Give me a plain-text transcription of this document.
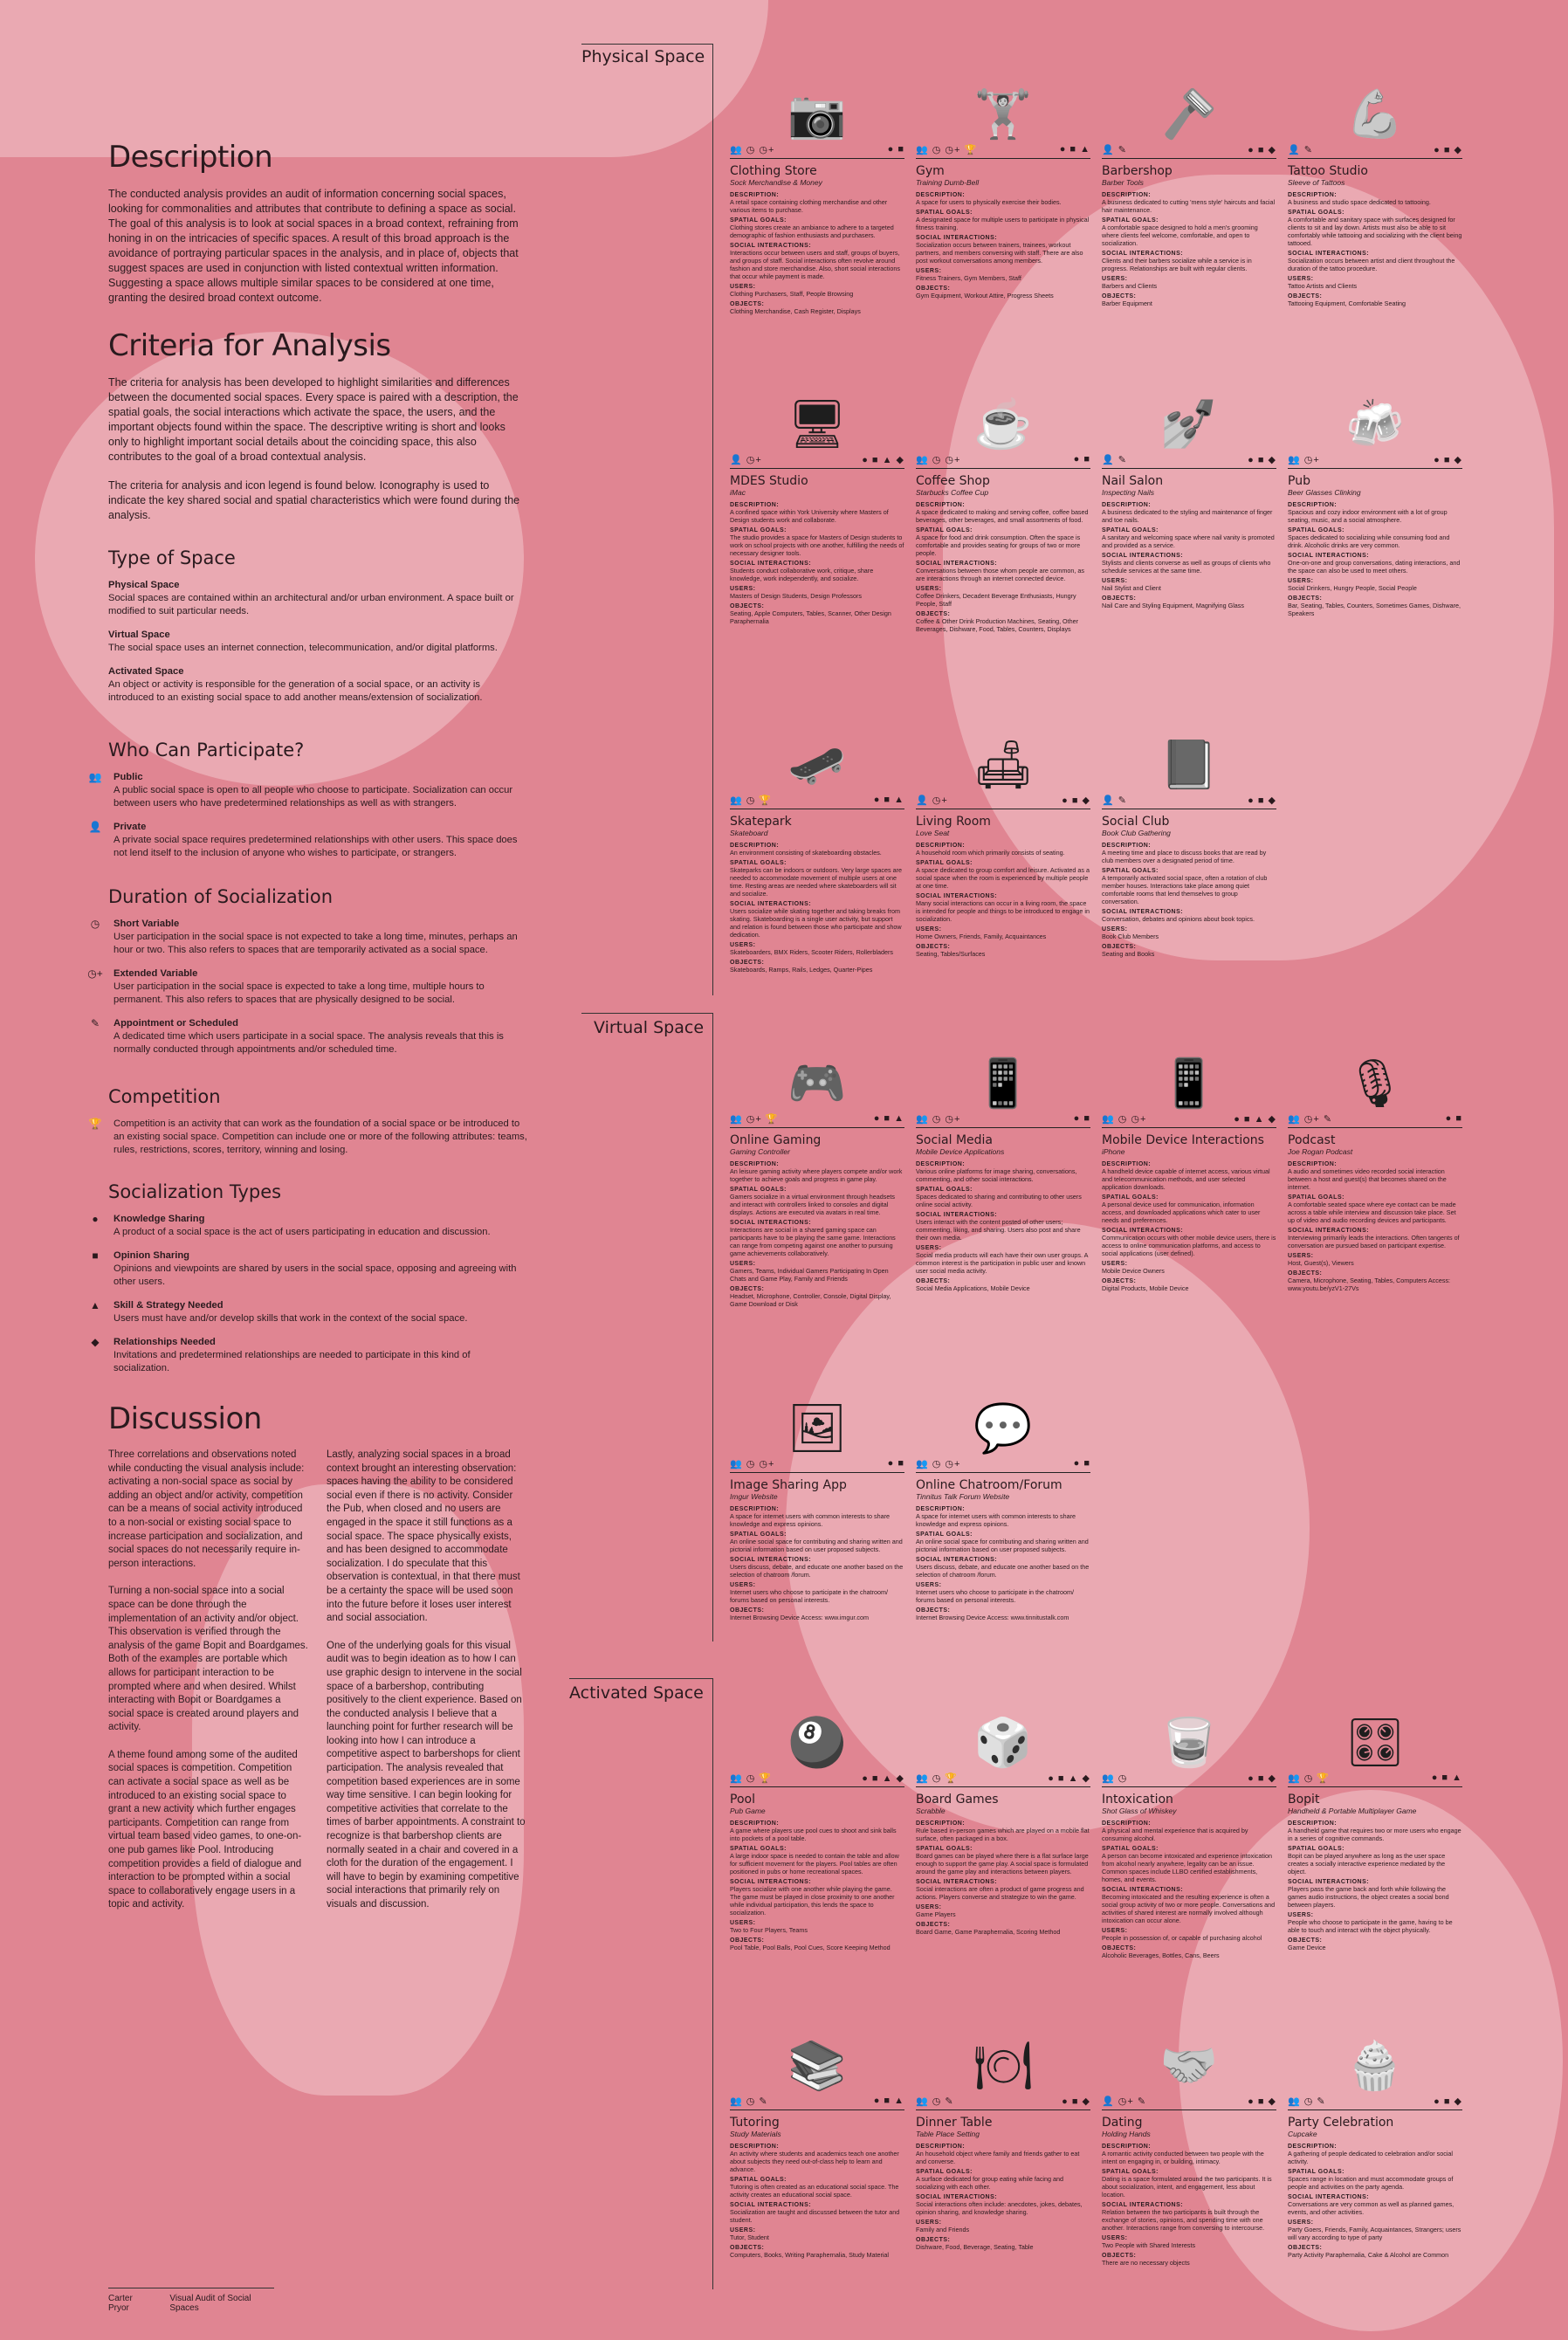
Description

The conducted analysis provides an audit of information concerning social spaces, looking for commonalities and attributes that contribute to defining a space as social. The goal of this analysis is to look at social spaces in a broad context, refraining from honing in on the intricacies of specific spaces. A result of this broad approach is the avoidance of portraying particular spaces in the analysis, and in place of, objects that suggest spaces are used in conjunction with listed contextual written information. Suggesting a space allows multiple similar spaces to be considered at one time, granting the desired broad context outcome.

Criteria for Analysis

The criteria for analysis has been developed to highlight similarities and differences between the documented social spaces. Every space is paired with a description, the spatial goals, the social interactions which activate the space, the users, and the important objects found within the space. The descriptive writing is short and looks only to highlight important social details about the coinciding space, this also contributes to the goal of a broad contextual analysis.

The criteria for analysis and icon legend is found below. Iconography is used to indicate the key shared social and spatial characteristics which were found during the analysis.

Type of Space
Physical Space
Social spaces are contained within an architectural and/or urban environment. A space built or modified to suit particular needs.
Virtual Space
The social space uses an internet connection, telecommunication, and/or digital platforms.
Activated Space
An object or activity is responsible for the generation of a social space, or an activity is introduced to an existing social space to add another means/extension of socialization.
Who Can Participate?
👥	Public
A public social space is open to all people who choose to participate. Socialization can occur between users who have predetermined relationships as well as with strangers.
👤	Private
A private social space requires predetermined relationships with other users. This space does not lend itself to the inclusion of anyone who wishes to participate, or strangers.
Duration of Socialization
◷	Short Variable
User participation in the social space is not expected to take a long time, minutes, perhaps an hour or two. This also refers to spaces that are temporarily activated as a social space.
◷+ Extended Variable
User participation in the social space is expected to take a long time, multiple hours to permanent. This also refers to spaces that are physically designed to be social.
✎	Appointment or Scheduled
A dedicated time which users participate in a social space. The analysis reveals that this is normally conducted through appointments and/or scheduled time.
Competition
🏆	Competition is an activity that can work as the foundation of a social space or be introduced to an existing social space. Competition can include one or more of the following attributes: teams, rules, restrictions, scores, territory, winning and losing.
Socialization Types
●	Knowledge Sharing
A product of a social space is the act of users participating in education and discussion.
■	Opinion Sharing
Opinions and viewpoints are shared by users in the social space, opposing and agreeing with other users.
▲	Skill & Strategy Needed
Users must have and/or develop skills that work in the context of the social space.
◆	Relationships Needed
Invitations and predetermined relationships are needed to participate in this kind of socialization.
Discussion

Three correlations and observations noted while conducting the visual analysis include: activating a non-social space as social by adding an object and/or activity, competition can be a means of social activity introduced to a non-social or existing social space to increase participation and socialization, and social spaces do not necessarily require in-person interactions.

Turning a non-social space into a social space can be done through the implementation of an activity and/or object. This observation is verified through the analysis of the game Bopit and Boardgames. Both of the examples are portable which allows for participant interaction to be prompted where and when desired. Whilst interacting with Bopit or Boardgames a social space is created around players and activity.

A theme found among some of the audited social spaces is competition. Competition can activate a social space as well as be introduced to an existing social space to grant a new activity which further engages participants. Competition can range from virtual team based video games, to one-on-one pub games like Pool. Introducing competition provides a field of dialogue and interaction to be prompted within a social space to collaboratively engage users in a topic and activity.

Lastly, analyzing social spaces in a broad context brought an interesting observation: spaces having the ability to be considered social even if there is no activity. Consider the Pub, when closed and no users are engaged in the space it still functions as a social space. The space physically exists, and has been designed to accommodate socialization. I do speculate that this observation is contextual, in that there must be a certainty the space will be used soon into the future before it loses user interest and social association.

One of the underlying goals for this visual audit was to begin ideation as to how I can use graphic design to intervene in the social space of a barbershop, contributing positively to the client experience. Based on the conducted analysis I believe that a launching point for further research will be looking into how I can introduce a competitive aspect to barbershops for client participation. The analysis revealed that competition based experiences are in some way time sensitive. I can begin looking for competitive activities that correlate to the times of barber appointments. A constraint to recognize is that barbershop clients are normally seated in a chair and covered in a cloth for the duration of the engagement. I will have to begin by examining competitive social interactions that primarily rely on visuals and discussion.

Carter Pryor
Visual Audit of Social Spaces
Physical Space
Virtual Space
Activated Space
📷
👥 ◷ ◷+	● ■
Clothing Store
Sock Merchandise & Money
DESCRIPTION:
A retail space containing clothing merchandise and other various items to purchase.
SPATIAL GOALS:
Clothing stores create an ambiance to adhere to a targeted demographic of fashion enthusiasts and purchasers.
SOCIAL INTERACTIONS:
Interactions occur between users and staff, groups of buyers, and groups of staff. Social interactions often revolve around fashion and store merchandise. Also, short social interactions that occur while payment is made.
USERS:
Clothing Purchasers, Staff, People Browsing
OBJECTS:
Clothing Merchandise, Cash Register, Displays
🏋
👥 ◷ ◷+ 🏆	● ■ ▲
Gym
Training Dumb-Bell
DESCRIPTION:
A space for users to physically exercise their bodies.
SPATIAL GOALS:
A designated space for multiple users to participate in physical fitness training.
SOCIAL INTERACTIONS:
Socialization occurs between trainers, trainees, workout partners, and members conversing with staff. There are also post workout conversations among members.
USERS:
Fitness Trainers, Gym Members, Staff
OBJECTS:
Gym Equipment, Workout Attire, Progress Sheets
🪒
👤 ✎	● ■ ◆
Barbershop
Barber Tools
DESCRIPTION:
A business dedicated to cutting 'mens style' haircuts and facial hair maintenance.
SPATIAL GOALS:
A comfortable space designed to hold a men's grooming where clients feel welcome, comfortable, and open to socialization.
SOCIAL INTERACTIONS:
Clients and their barbers socialize while a service is in progress. Relationships are built with regular clients.
USERS:
Barbers and Clients
OBJECTS:
Barber Equipment
💪
👤 ✎	● ■ ◆
Tattoo Studio
Sleeve of Tattoos
DESCRIPTION:
A business and studio space dedicated to tattooing.
SPATIAL GOALS:
A comfortable and sanitary space with surfaces designed for clients to sit and lay down. Artists must also be able to sit comfortably while tattooing and socializing with the client being tattooed.
SOCIAL INTERACTIONS:
Socialization occurs between artist and client throughout the duration of the tattoo procedure.
USERS:
Tattoo Artists and Clients
OBJECTS:
Tattooing Equipment, Comfortable Seating
🖥
👤 ◷+	● ■ ▲ ◆
MDES Studio
iMac
DESCRIPTION:
A confined space within York University where Masters of Design students work and collaborate.
SPATIAL GOALS:
The studio provides a space for Masters of Design students to work on school projects with one another, fulfilling the needs of necessary designer tools.
SOCIAL INTERACTIONS:
Students conduct collaborative work, critique, share knowledge, work independently, and socialize.
USERS:
Masters of Design Students, Design Professors
OBJECTS:
Seating, Apple Computers, Tables, Scanner, Other Design Paraphernalia
☕
👥 ◷ ◷+	● ■
Coffee Shop
Starbucks Coffee Cup
DESCRIPTION:
A space dedicated to making and serving coffee, coffee based beverages, other beverages, and small assortments of food.
SPATIAL GOALS:
A space for food and drink consumption. Often the space is comfortable and provides seating for groups of two or more people.
SOCIAL INTERACTIONS:
Conversations between those whom people are common, as are interactions through an internet connected device.
USERS:
Coffee Drinkers, Decadent Beverage Enthusiasts, Hungry People, Staff
OBJECTS:
Coffee & Other Drink Production Machines, Seating, Other Beverages, Dishware, Food, Tables, Counters, Displays
💅
👤 ✎	● ■ ◆
Nail Salon
Inspecting Nails
DESCRIPTION:
A business dedicated to the styling and maintenance of finger and toe nails.
SPATIAL GOALS:
A sanitary and welcoming space where nail vanity is promoted and provided as a service.
SOCIAL INTERACTIONS:
Stylists and clients converse as well as groups of clients who schedule services at the same time.
USERS:
Nail Stylist and Client
OBJECTS:
Nail Care and Styling Equipment, Magnifying Glass
🍻
👥 ◷+	● ■ ◆
Pub
Beer Glasses Clinking
DESCRIPTION:
Spacious and cozy indoor environment with a lot of group seating, music, and a social atmosphere.
SPATIAL GOALS:
Spaces dedicated to socializing while consuming food and drink. Alcoholic drinks are very common.
SOCIAL INTERACTIONS:
One-on-one and group conversations, dating interactions, and the space can also be used to meet others.
USERS:
Social Drinkers, Hungry People, Social People
OBJECTS:
Bar, Seating, Tables, Counters, Sometimes Games, Dishware, Speakers
🛹
👥 ◷ 🏆	● ■ ▲
Skatepark
Skateboard
DESCRIPTION:
An environment consisting of skateboarding obstacles.
SPATIAL GOALS:
Skateparks can be indoors or outdoors. Very large spaces are needed to accommodate movement of multiple users at one time. Resting areas are needed where skateboarders will sit and socialize.
SOCIAL INTERACTIONS:
Users socialize while skating together and taking breaks from skating. Skateboarding is a single user activity, but support and relation is found between those who participate and show dedication.
USERS:
Skateboarders, BMX Riders, Scooter Riders, Rollerbladers
OBJECTS:
Skateboards, Ramps, Rails, Ledges, Quarter-Pipes
🛋
👤 ◷+	● ■ ◆
Living Room
Love Seat
DESCRIPTION:
A household room which primarily consists of seating.
SPATIAL GOALS:
A space dedicated to group comfort and leisure. Activated as a social space when the room is experienced by multiple people at one time.
SOCIAL INTERACTIONS:
Many social interactions can occur in a living room, the space is intended for people and things to be introduced to engage in socialization.
USERS:
Home Owners, Friends, Family, Acquaintances
OBJECTS:
Seating, Tables/Surfaces
📕
👤 ✎	● ■ ◆
Social Club
Book Club Gathering
DESCRIPTION:
A meeting time and place to discuss books that are read by club members over a designated period of time.
SPATIAL GOALS:
A temporarily activated social space, often a rotation of club member houses. Interactions take place among quiet comfortable rooms that lend themselves to group conversation.
SOCIAL INTERACTIONS:
Conversation, debates and opinions about book topics.
USERS:
Book Club Members
OBJECTS:
Seating and Books
🎮
👥 ◷+ 🏆	● ■ ▲
Online Gaming
Gaming Controller
DESCRIPTION:
An leisure gaming activity where players compete and/or work together to achieve goals and progress in game play.
SPATIAL GOALS:
Gamers socialize in a virtual environment through headsets and interact with controllers linked to consoles and digital displays. Actions are executed via avatars in real time.
SOCIAL INTERACTIONS:
Interactions are social in a shared gaming space can participants have to be playing the same game. Interactions can range from competing against one another to pursuing game achievements collaboratively.
USERS:
Gamers, Teams, Individual Gamers Participating In Open Chats and Game Play, Family and Friends
OBJECTS:
Headset, Microphone, Controller, Console, Digital Display, Game Download or Disk
📱
👥 ◷ ◷+	● ■
Social Media
Mobile Device Applications
DESCRIPTION:
Various online platforms for image sharing, conversations, commenting, and other social interactions.
SPATIAL GOALS:
Spaces dedicated to sharing and contributing to other users online social activity.
SOCIAL INTERACTIONS:
Users interact with the content posted of other users; commenting, liking, and sharing. Users also post and share their own media.
USERS:
Social media products will each have their own user groups. A common interest is the participation in public user and known user social media activity.
OBJECTS:
Social Media Applications, Mobile Device
📱
👥 ◷ ◷+	● ■ ▲ ◆
Mobile Device Interactions
iPhone
DESCRIPTION:
A handheld device capable of internet access, various virtual and telecommunication methods, and user selected application downloads.
SPATIAL GOALS:
A personal device used for communication, information access, and downloaded applications which cater to user needs and preferences.
SOCIAL INTERACTIONS:
Communication occurs with other mobile device users, there is access to online communication platforms, and access to social applications (user defined).
USERS:
Mobile Device Owners
OBJECTS:
Digital Products, Mobile Device
🎙
👥 ◷+ ✎	● ■
Podcast
Joe Rogan Podcast
DESCRIPTION:
A audio and sometimes video recorded social interaction between a host and guest(s) that becomes shared on the internet.
SPATIAL GOALS:
A comfortable seated space where eye contact can be made across a table while interview and discussion take place. Set up of video and audio recording devices and participants.
SOCIAL INTERACTIONS:
Interviewing primarily leads the interactions. Often tangents of conversation are pursued based on participant expertise.
USERS:
Host, Guest(s), Viewers
OBJECTS:
Camera, Microphone, Seating, Tables, Computers Access: www.youtu.be/yzV1-27Vs
🖼
👥 ◷ ◷+	● ■
Image Sharing App
Imgur Website
DESCRIPTION:
A space for internet users with common interests to share knowledge and express opinions.
SPATIAL GOALS:
An online social space for contributing and sharing written and pictorial information based on user proposed subjects.
SOCIAL INTERACTIONS:
Users discuss, debate, and educate one another based on the selection of chatroom /forum.
USERS:
Internet users who choose to participate in the chatroom/ forums based on personal interests.
OBJECTS:
Internet Browsing Device Access: www.imgur.com
💬
👥 ◷ ◷+	● ■
Online Chatroom/Forum
Tinnitus Talk Forum Website
DESCRIPTION:
A space for internet users with common interests to share knowledge and express opinions.
SPATIAL GOALS:
An online social space for contributing and sharing written and pictorial information based on user proposed subjects.
SOCIAL INTERACTIONS:
Users discuss, debate, and educate one another based on the selection of chatroom /forum.
USERS:
Internet users who choose to participate in the chatroom/ forums based on personal interests.
OBJECTS:
Internet Browsing Device Access: www.tinnitustalk.com
🎱
👥 ◷ 🏆	● ■ ▲ ◆
Pool
Pub Game
DESCRIPTION:
A game where players use pool cues to shoot and sink balls into pockets of a pool table.
SPATIAL GOALS:
A large indoor space is needed to contain the table and allow for sufficient movement for the players. Pool tables are often positioned in pubs or home recreational spaces.
SOCIAL INTERACTIONS:
Players socialize with one another while playing the game. The game must be played in close proximity to one another while individual participation, this lends the space to socialization.
USERS:
Two to Four Players, Teams
OBJECTS:
Pool Table, Pool Balls, Pool Cues, Score Keeping Method
🎲
👥 ◷ 🏆	● ■ ▲ ◆
Board Games
Scrabble
DESCRIPTION:
Rule based in-person games which are played on a mobile flat surface, often packaged in a box.
SPATIAL GOALS:
Board games can be played where there is a flat surface large enough to support the game play. A social space is formulated around the game play and interactions between players.
SOCIAL INTERACTIONS:
Social interactions are often a product of game progress and actions. Players converse and strategize to win the game.
USERS:
Game Players
OBJECTS:
Board Game, Game Paraphernalia, Scoring Method
🥃
👥 ◷	● ■ ◆
Intoxication
Shot Glass of Whiskey
DESCRIPTION:
A physical and mental experience that is acquired by consuming alcohol.
SPATIAL GOALS:
A person can become intoxicated and experience intoxication from alcohol nearly anywhere, legality can be an issue. Common spaces include LLBO certified establishments, homes, and events.
SOCIAL INTERACTIONS:
Becoming intoxicated and the resulting experience is often a social group activity of two or more people. Conversations and activities of shared interest are normally involved although intoxication can occur alone.
USERS:
People in possession of, or capable of purchasing alcohol
OBJECTS:
Alcoholic Beverages, Bottles, Cans, Beers
🎛
👥 ◷ 🏆	● ■ ▲
Bopit
Handheld & Portable Multiplayer Game
DESCRIPTION:
A handheld game that requires two or more users who engage in a series of cognitive commands.
SPATIAL GOALS:
Bopit can be played anywhere as long as the user space creates a socially interactive experience mediated by the object.
SOCIAL INTERACTIONS:
Players pass the game back and forth while following the games audio instructions, the object creates a social bond between players.
USERS:
People who choose to participate in the game, having to be able to touch and interact with the object physically.
OBJECTS:
Game Device
📚
👥 ◷ ✎	● ■ ▲
Tutoring
Study Materials
DESCRIPTION:
An activity where students and academics teach one another about subjects they need out-of-class help to learn and advance.
SPATIAL GOALS:
Tutoring is often created as an educational social space. The activity creates an educational social space.
SOCIAL INTERACTIONS:
Socialization are taught and discussed between the tutor and student.
USERS:
Tutor, Student
OBJECTS:
Computers, Books, Writing Paraphernalia, Study Material
🍽
👥 ◷ ✎	● ■ ◆
Dinner Table
Table Place Setting
DESCRIPTION:
An household object where family and friends gather to eat and converse.
SPATIAL GOALS:
A surface dedicated for group eating while facing and socializing with each other.
SOCIAL INTERACTIONS:
Social interactions often include: anecdotes, jokes, debates, opinion sharing, and knowledge sharing.
USERS:
Family and Friends
OBJECTS:
Dishware, Food, Beverage, Seating, Table
🤝
👤 ◷+ ✎	● ■ ◆
Dating
Holding Hands
DESCRIPTION:
A romantic activity conducted between two people with the intent on engaging in, or building, intimacy.
SPATIAL GOALS:
Dating is a space formulated around the two participants. It is about socialization, intent, and engagement, less about location.
SOCIAL INTERACTIONS:
Relation between the two participants is built through the exchange of stories, opinions, and spending time with one another. Interactions range from conversing to intercourse.
USERS:
Two People with Shared Interests
OBJECTS:
There are no necessary objects
🧁
👥 ◷ ✎	● ■ ◆
Party Celebration
Cupcake
DESCRIPTION:
A gathering of people dedicated to celebration and/or social activity.
SPATIAL GOALS:
Spaces range in location and must accommodate groups of people and activities on the party agenda.
SOCIAL INTERACTIONS:
Conversations are very common as well as planned games, events, and other activities.
USERS:
Party Goers, Friends, Family, Acquaintances, Strangers; users will vary according to type of party
OBJECTS:
Party Activity Paraphernalia, Cake & Alcohol are Common
